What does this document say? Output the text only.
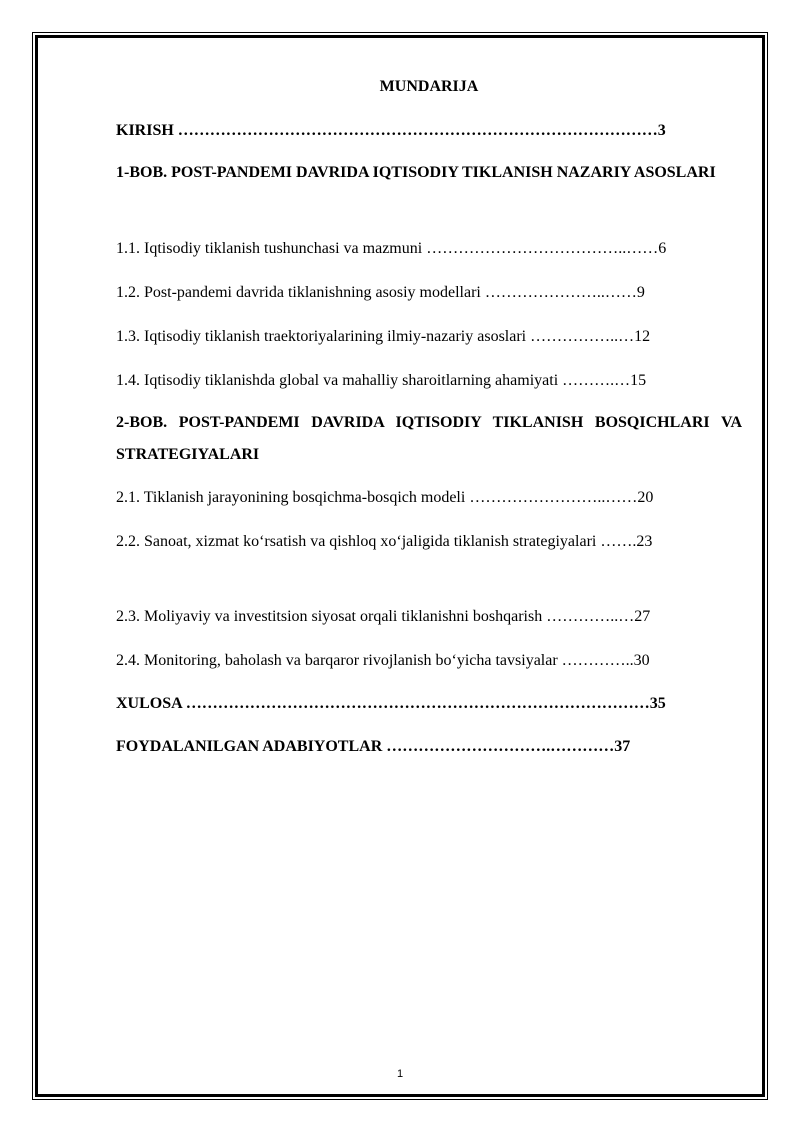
MUNDARIJA
KIRISH ………………………………………………………………………………3
1-BOB. POST-PANDEMI DAVRIDA IQTISODIY TIKLANISH NAZARIY ASOSLARI
1.1. Iqtisodiy tiklanish tushunchasi va mazmuni ………………………………..……6
1.2. Post-pandemi davrida tiklanishning asosiy modellari …………………..……9
1.3. Iqtisodiy tiklanish traektoriyalarining ilmiy-nazariy asoslari ……………..…12
1.4. Iqtisodiy tiklanishda global va mahalliy sharoitlarning ahamiyati ……….…15
2-BOB. POST-PANDEMI DAVRIDA IQTISODIY TIKLANISH BOSQICHLARI VA STRATEGIYALARI
2.1. Tiklanish jarayonining bosqichma-bosqich modeli ……………………..……20
2.2. Sanoat, xizmat ko‘rsatish va qishloq xo‘jaligida tiklanish strategiyalari …….23
2.3. Moliyaviy va investitsion siyosat orqali tiklanishni boshqarish …………..…27
2.4. Monitoring, baholash va barqaror rivojlanish bo‘yicha tavsiyalar …………..30
XULOSA ……………………………………………………………………………35
FOYDALANILGAN ADABIYOTLAR ………………………….…………37
1
